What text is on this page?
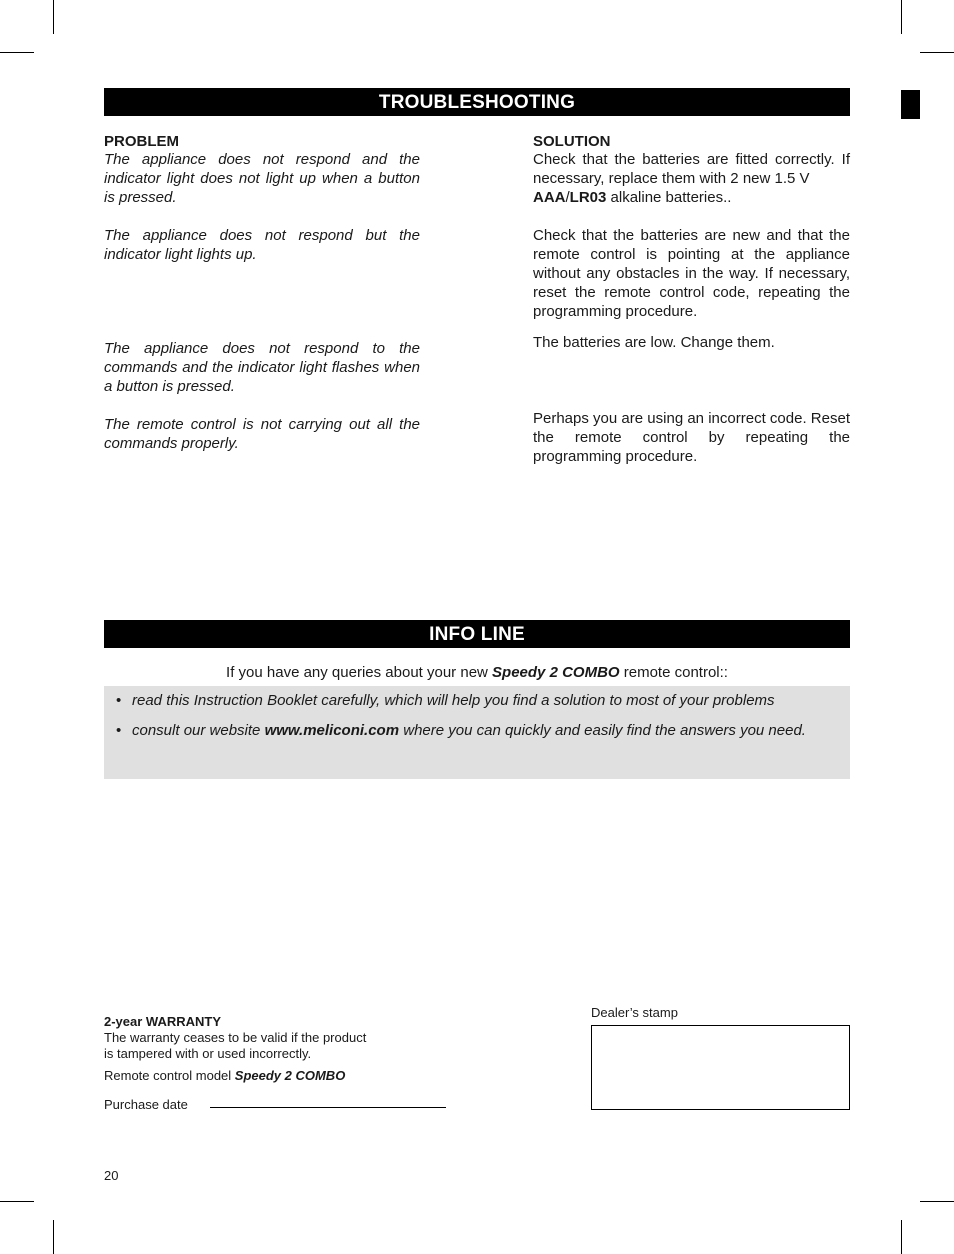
TROUBLESHOOTING

PROBLEM	SOLUTION

The appliance does not respond and the indicator light does not light up when a button is pressed.

The appliance does not respond but the indicator light lights up.

The appliance does not respond to the commands and the indicator light flashes when a button is pressed.

The remote control is not carrying out all the commands properly.

Check that the batteries are fitted correctly. If necessary, replace them with 2 new 1.5 V
AAA/LR03 alkaline batteries..

Check that the batteries are new and that the remote control is pointing at the appliance without any obstacles in the way. If necessary, reset the remote control code, repeating the programming procedure.

The batteries are low. Change them.

Perhaps you are using an incorrect code. Reset the remote control by repeating the programming procedure.

INFO LINE
If you have any queries about your new Speedy 2 COMBO remote control::
• read this Instruction Booklet carefully, which will help you find a solution to most of your problems
• consult our website www.meliconi.com where you can quickly and easily find the answers you need.
2-year WARRANTY
The warranty ceases to be valid if the product
is tampered with or used incorrectly.
Remote control model Speedy 2 COMBO
Purchase date
Dealer’s stamp
20
